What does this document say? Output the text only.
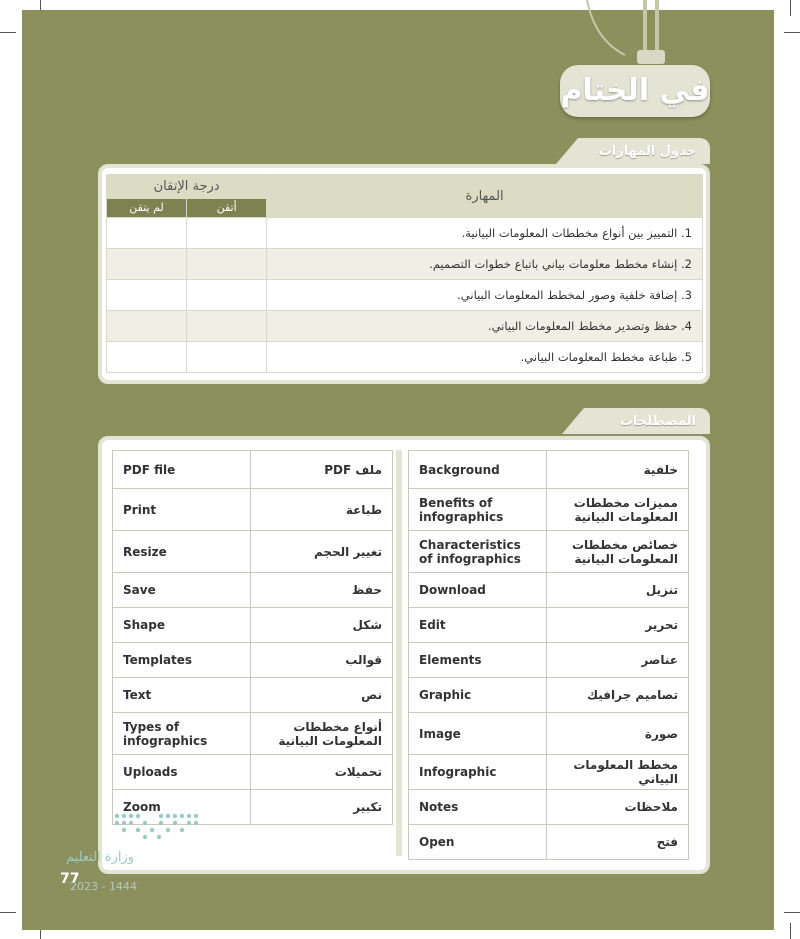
في الختام
جدول المهارات
المهارة	درجة الإتقان	
	أتقن	لم يتقن
1. التمييز بين أنواع مخططات المعلومات البيانية.		
2. إنشاء مخطط معلومات بياني باتباع خطوات التصميم.		
3. إضافة خلفية وصور لمخطط المعلومات البياني.		
4. حفظ وتصدير مخطط المعلومات البياني.		
5. طباعة مخطط المعلومات البياني.		
المصطلحات
PDF file	ملف PDF
Print	طباعة
Resize	تغيير الحجم
Save	حفظ
Shape	شكل
Templates	قوالب
Text	نص
Types of infographics	أنواع مخططات المعلومات البيانية
Uploads	تحميلات
Zoom	تكبير
Background	خلفية
Benefits of infographics	مميزات مخططات المعلومات البيانية
Characteristics of infographics	خصائص مخططات المعلومات البيانية
Download	تنزيل
Edit	تحرير
Elements	عناصر
Graphic	تصاميم جرافيك
Image	صورة
Infographic	مخطط المعلومات البياني
Notes	ملاحظات
Open	فتح
وزارة التعليم
77
2023 - 1444
